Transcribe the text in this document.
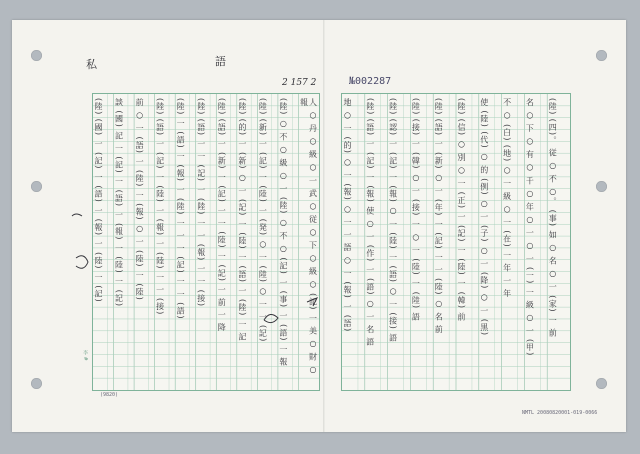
私	語
2 157 2	№002287
李 #
(9820)
NMTL 20080820001-019-0066
(陸) (四)。 従 ○ 不 ○。 (事) 如 ○ 名 ○ 一 (家) 一 前
名 ○ 下 ○ 有 ○ 千 ○ 年 ○ 一 ○ 一 (一) 一 級 ○ 一 (甲)
不 ○ (白) (地) ○ 一 級 ○ 一 (在) 一 年 一 年
使 (陸) (代) ○ 的 (例) ○ 一 (子) ○ 一 (降) ○ 一 (黒)
(陸) (信) ○ 別 ○ 一 (正) 一 (記) 一 (陸) 一 (韓) 前
(陸) (語) 一 (新) ○ 一 (年) 一 (記) 一 一 (陸) ○ 名 前
(陸) (接) 一 (韓) ○ 一 (接) 一 ○ 一 (陸) 一 (陸) 語
(陸) (認) 一 (記) 一 (報) ○ 一 (陸) 一 (語) ○ 一 (接) 語
(陸) (語) 一 (記) 一 (報) 使 ○ 一 (作) 一 (語) ○ 一 名 語
地 ○ 一 (的) ○ 一 (報) ○ 一 一 語 ○ 一 (報) 一 (語)
人 ○ 丹 ○ 級 ○ 一 武 ○ 従 ○ 下 ○ 級 ○ (記) 一 美 ○ 財 ○ 報
(陸) ○ 不 ○ 級 ○ 一 (陸) ○ 不 ○ (記) 一 (事) 一 (語) 一 報
(陸) (新) 一 (記) 一 (陸) 一 (発) ○ 一 (陸) ○ 一 一 (記)
(陸) (的) 一 (新) ○ 一 (記) 一 (陸) 一 (語) 一 (陸) 一 記
(陸) (語) 一 (新) 一 (記) 一 一 (陸) 一 (記) 一 前 一 降
(陸) (語) 一 一 (記) 一 (陸) 一 一 (報) 一 一 (接)
(陸) 一 (語) 一 (報) 一 (陸) 一 一 一 (記) 一 一 (語)
(陸) (語) 一 (記) 一 (陸) 一 (報) 一 (陸) 一 一 (接)
前 ○ 一 (語) 一 (陸) 一 (報) ○ 一 (陸) 一 (陸)
談 (國) 記 一 (記) 一 (語) 一 (報) 一 (陸) 一 (記)
(陸) (國) 一 (記) 一 (語) 一 (報) 一 (陸) 一 (記)
